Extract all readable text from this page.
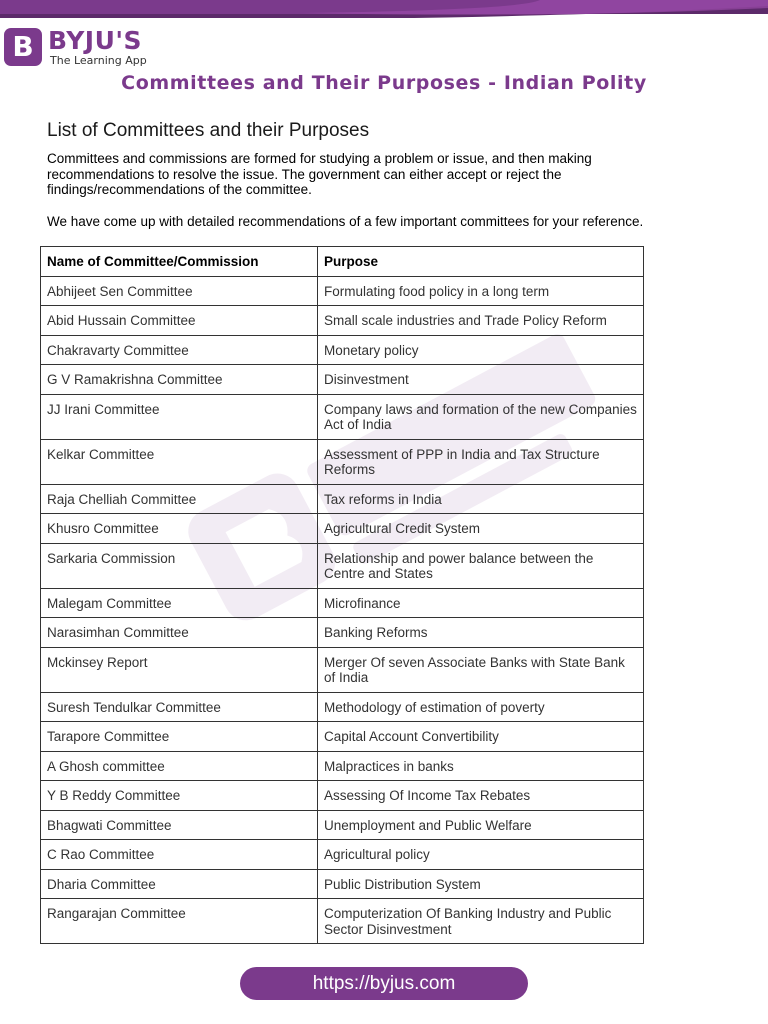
B BYJU'S
The Learning App
Committees and Their Purposes - Indian Polity
List of Committees and their Purposes

Committees and commissions are formed for studying a problem or issue, and then making recommendations to resolve the issue. The government can either accept or reject the findings/recommendations of the committee.

We have come up with detailed recommendations of a few important committees for your reference.

Name of Committee/Commission	Purpose
Abhijeet Sen Committee	Formulating food policy in a long term
Abid Hussain Committee	Small scale industries and Trade Policy Reform
Chakravarty Committee	Monetary policy
G V Ramakrishna Committee	Disinvestment
JJ Irani Committee	Company laws and formation of the new Companies Act of India
Kelkar Committee	Assessment of PPP in India and Tax Structure Reforms
Raja Chelliah Committee	Tax reforms in India
Khusro Committee	Agricultural Credit System
Sarkaria Commission	Relationship and power balance between the Centre and States
Malegam Committee	Microfinance
Narasimhan Committee	Banking Reforms
Mckinsey Report	Merger Of seven Associate Banks with State Bank of India
Suresh Tendulkar Committee	Methodology of estimation of poverty
Tarapore Committee	Capital Account Convertibility
A Ghosh committee	Malpractices in banks
Y B Reddy Committee	Assessing Of Income Tax Rebates
Bhagwati Committee	Unemployment and Public Welfare
C Rao Committee	Agricultural policy
Dharia Committee	Public Distribution System
Rangarajan Committee	Computerization Of Banking Industry and Public Sector Disinvestment
https://byjus.com
